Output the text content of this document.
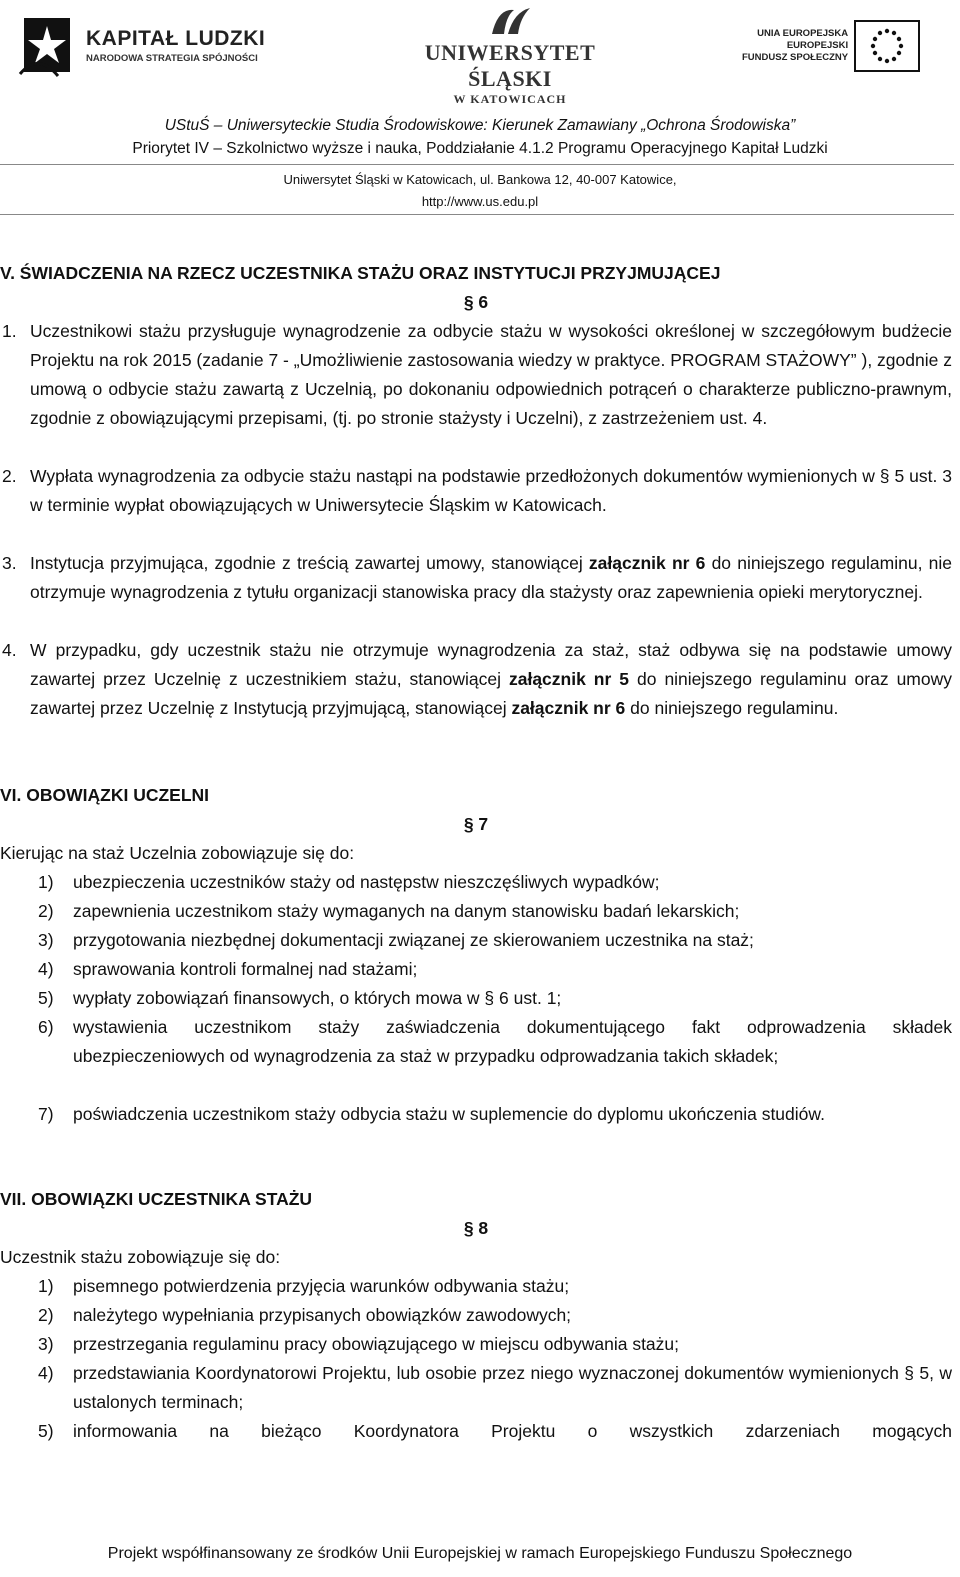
KAPITAŁ LUDZKI
NARODOWA STRATEGIA SPÓJNOŚCI	UNIWERSYTET ŚLĄSKI
W KATOWICACH
UNIA EUROPEJSKA
EUROPEJSKI
FUNDUSZ SPOŁECZNY
UStuŚ – Uniwersyteckie Studia Środowiskowe: Kierunek Zamawiany „Ochrona Środowiska”
Priorytet IV – Szkolnictwo wyższe i nauka, Poddziałanie 4.1.2 Programu Operacyjnego Kapitał Ludzki
Uniwersytet Śląski w Katowicach, ul. Bankowa 12, 40-007 Katowice,
http://www.us.edu.pl
V. ŚWIADCZENIA NA RZECZ UCZESTNIKA STAŻU ORAZ INSTYTUCJI PRZYJMUJĄCEJ
§ 6
1. Uczestnikowi stażu przysługuje wynagrodzenie za odbycie stażu w wysokości określonej w szczegółowym budżecie Projektu na rok 2015 (zadanie 7 - „Umożliwienie zastosowania wiedzy w praktyce. PROGRAM STAŻOWY” ), zgodnie z umową o odbycie stażu zawartą z Uczelnią, po dokonaniu odpowiednich potrąceń o charakterze publiczno-prawnym, zgodnie z obowiązującymi przepisami, (tj. po stronie stażysty i Uczelni), z zastrzeżeniem ust. 4.
2. Wypłata wynagrodzenia za odbycie stażu nastąpi na podstawie przedłożonych dokumentów wymienionych w § 5 ust. 3 w terminie wypłat obowiązujących w Uniwersytecie Śląskim w Katowicach.
3. Instytucja przyjmująca, zgodnie z treścią zawartej umowy, stanowiącej załącznik nr 6 do niniejszego regulaminu, nie otrzymuje wynagrodzenia z tytułu organizacji stanowiska pracy dla stażysty oraz zapewnienia opieki merytorycznej.
4. W przypadku, gdy uczestnik stażu nie otrzymuje wynagrodzenia za staż, staż odbywa się na podstawie umowy zawartej przez Uczelnię z uczestnikiem stażu, stanowiącej załącznik nr 5 do niniejszego regulaminu oraz umowy zawartej przez Uczelnię z Instytucją przyjmującą, stanowiącej załącznik nr 6 do niniejszego regulaminu.
VI. OBOWIĄZKI UCZELNI
§ 7
Kierując na staż Uczelnia zobowiązuje się do:
1) ubezpieczenia uczestników staży od następstw nieszczęśliwych wypadków;
2) zapewnienia uczestnikom staży wymaganych na danym stanowisku badań lekarskich;
3) przygotowania niezbędnej dokumentacji związanej ze skierowaniem uczestnika na staż;
4) sprawowania kontroli formalnej nad stażami;
5) wypłaty zobowiązań finansowych, o których mowa w § 6 ust. 1;
6) wystawienia uczestnikom staży zaświadczenia dokumentującego fakt odprowadzenia składek ubezpieczeniowych od wynagrodzenia za staż w przypadku odprowadzania takich składek;
7) poświadczenia uczestnikom staży odbycia stażu w suplemencie do dyplomu ukończenia studiów.
VII. OBOWIĄZKI UCZESTNIKA STAŻU
§ 8
Uczestnik stażu zobowiązuje się do:
1) pisemnego potwierdzenia przyjęcia warunków odbywania stażu;
2) należytego wypełniania przypisanych obowiązków zawodowych;
3) przestrzegania regulaminu pracy obowiązującego w miejscu odbywania stażu;
4) przedstawiania Koordynatorowi Projektu, lub osobie przez niego wyznaczonej dokumentów wymienionych § 5, w ustalonych terminach;
5) informowania na bieżąco Koordynatora Projektu o wszystkich zdarzeniach mogących
Projekt współfinansowany ze środków Unii Europejskiej w ramach Europejskiego Funduszu Społecznego
